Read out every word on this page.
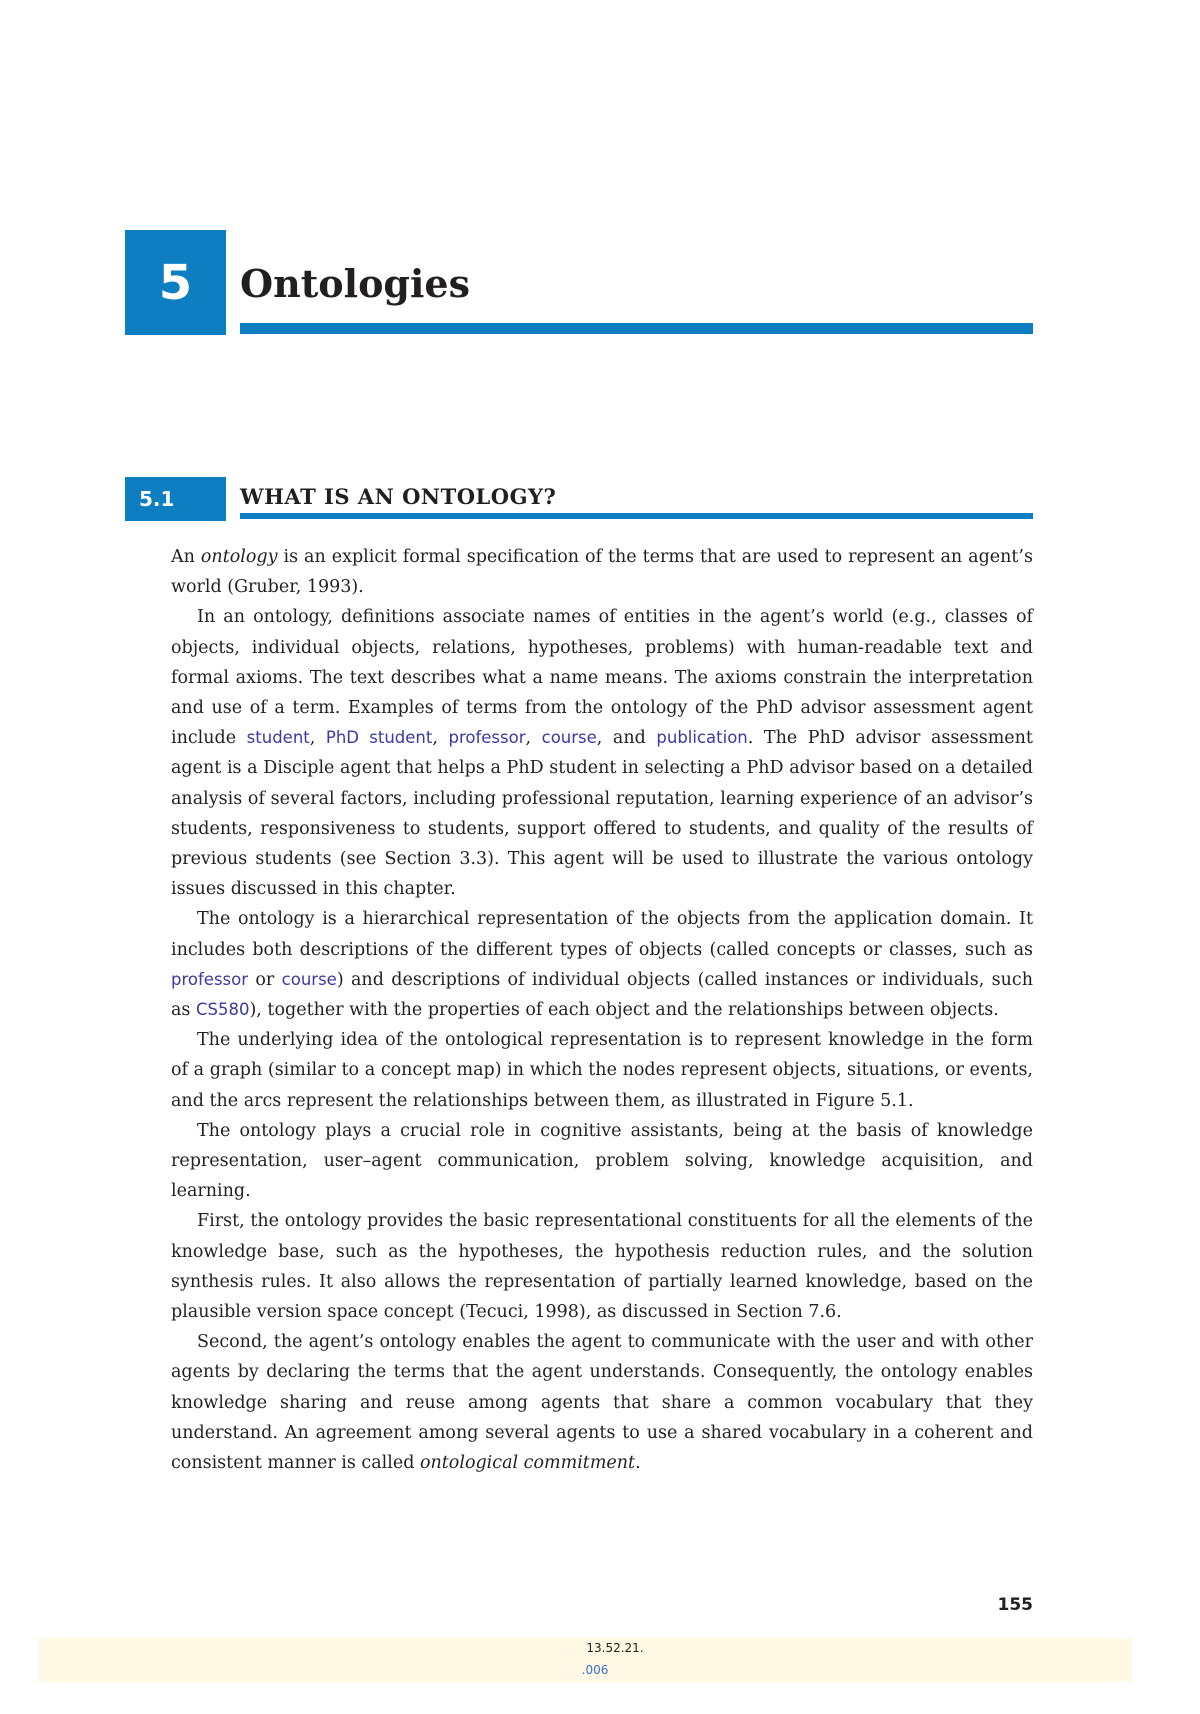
5 Ontologies
5.1	WHAT IS AN ONTOLOGY?

An ontology is an explicit formal specification of the terms that are used to represent an agent’s world (Gruber, 1993).

In an ontology, definitions associate names of entities in the agent’s world (e.g., classes of objects, individual objects, relations, hypotheses, problems) with human-readable text and formal axioms. The text describes what a name means. The axioms constrain the interpretation and use of a term. Examples of terms from the ontology of the PhD advisor assessment agent include student, PhD student, professor, course, and publication. The PhD advisor assessment agent is a Disciple agent that helps a PhD student in selecting a PhD advisor based on a detailed analysis of several factors, including professional reputation, learning experience of an advisor’s students, responsiveness to students, support offered to students, and quality of the results of previous students (see Section 3.3). This agent will be used to illustrate the various ontology issues discussed in this chapter.

The ontology is a hierarchical representation of the objects from the application domain. It includes both descriptions of the different types of objects (called concepts or classes, such as professor or course) and descriptions of individual objects (called instances or individuals, such as CS580), together with the properties of each object and the relationships between objects.

The underlying idea of the ontological representation is to represent knowledge in the form of a graph (similar to a concept map) in which the nodes represent objects, situations, or events, and the arcs represent the relationships between them, as illustrated in Figure 5.1.

The ontology plays a crucial role in cognitive assistants, being at the basis of knowledge representation, user–agent communication, problem solving, knowledge acquisition, and learning.

First, the ontology provides the basic representational constituents for all the elements of the knowledge base, such as the hypotheses, the hypothesis reduction rules, and the solution synthesis rules. It also allows the representation of partially learned knowledge, based on the plausible version space concept (Tecuci, 1998), as discussed in Section 7.6.

Second, the agent’s ontology enables the agent to communicate with the user and with other agents by declaring the terms that the agent understands. Consequently, the ontology enables knowledge sharing and reuse among agents that share a common vocabulary that they understand. An agreement among several agents to use a shared vocabulary in a coherent and consistent manner is called ontological commitment.

155
13.52.21.
.006
